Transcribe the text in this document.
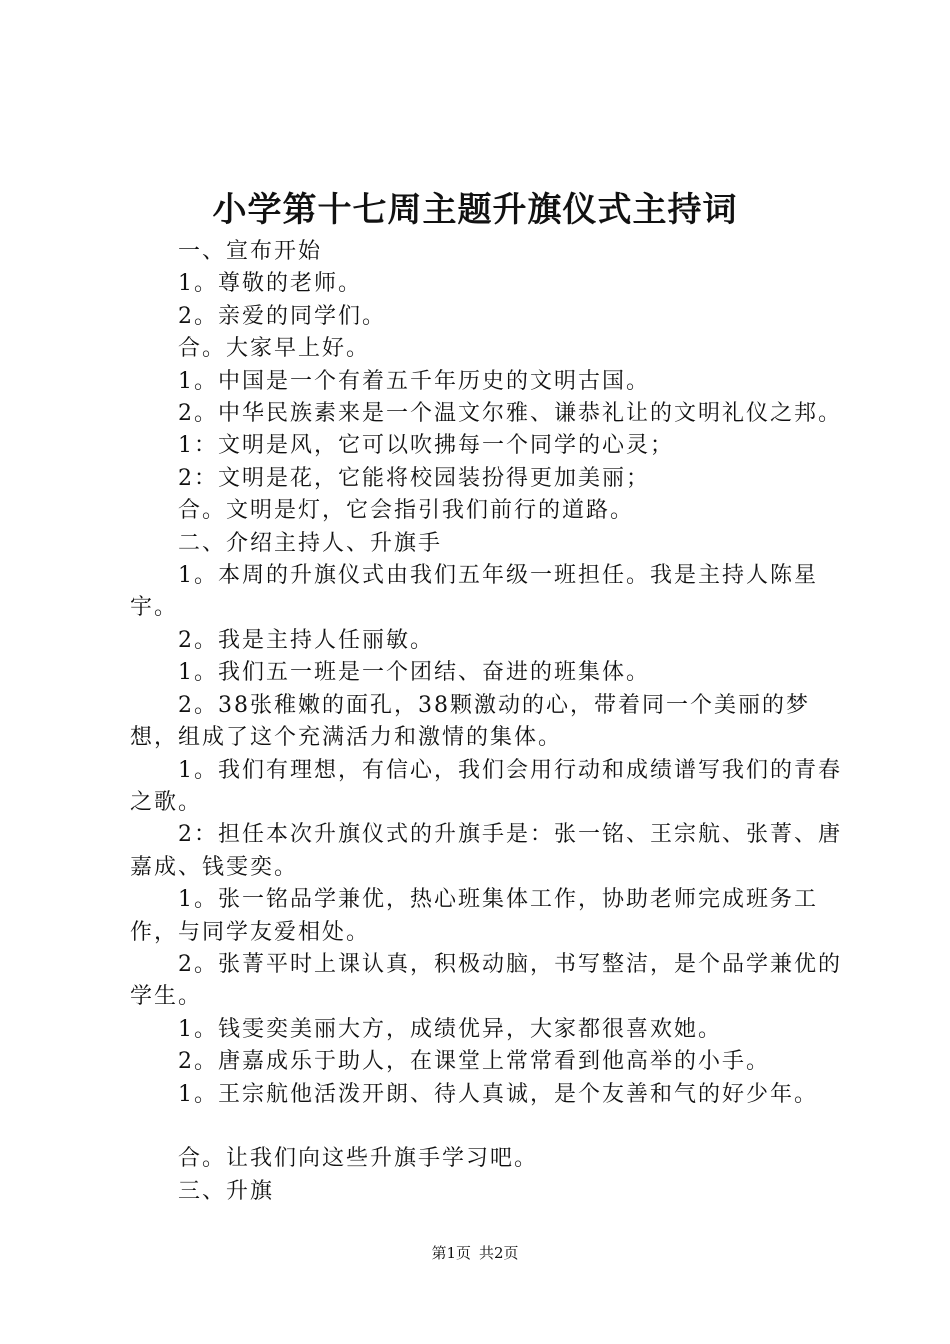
小学第十七周主题升旗仪式主持词

一、宣布开始

1。尊敬的老师。

2。亲爱的同学们。

合。大家早上好。

1。中国是一个有着五千年历史的文明古国。

2。中华民族素来是一个温文尔雅、谦恭礼让的文明礼仪之邦。

1：文明是风，它可以吹拂每一个同学的心灵；

2：文明是花，它能将校园装扮得更加美丽；

合。文明是灯，它会指引我们前行的道路。

二、介绍主持人、升旗手

1。本周的升旗仪式由我们五年级一班担任。我是主持人陈星宇。

2。我是主持人任丽敏。

1。我们五一班是一个团结、奋进的班集体。

2。38张稚嫩的面孔，38颗激动的心，带着同一个美丽的梦想，组成了这个充满活力和激情的集体。

1。我们有理想，有信心，我们会用行动和成绩谱写我们的青春之歌。

2：担任本次升旗仪式的升旗手是：张一铭、王宗航、张菁、唐嘉成、钱雯奕。

1。张一铭品学兼优，热心班集体工作，协助老师完成班务工作，与同学友爱相处。

2。张菁平时上课认真，积极动脑，书写整洁，是个品学兼优的学生。

1。钱雯奕美丽大方，成绩优异，大家都很喜欢她。

2。唐嘉成乐于助人，在课堂上常常看到他高举的小手。

1。王宗航他活泼开朗、待人真诚，是个友善和气的好少年。

合。让我们向这些升旗手学习吧。

三、升旗

第1页 共2页
